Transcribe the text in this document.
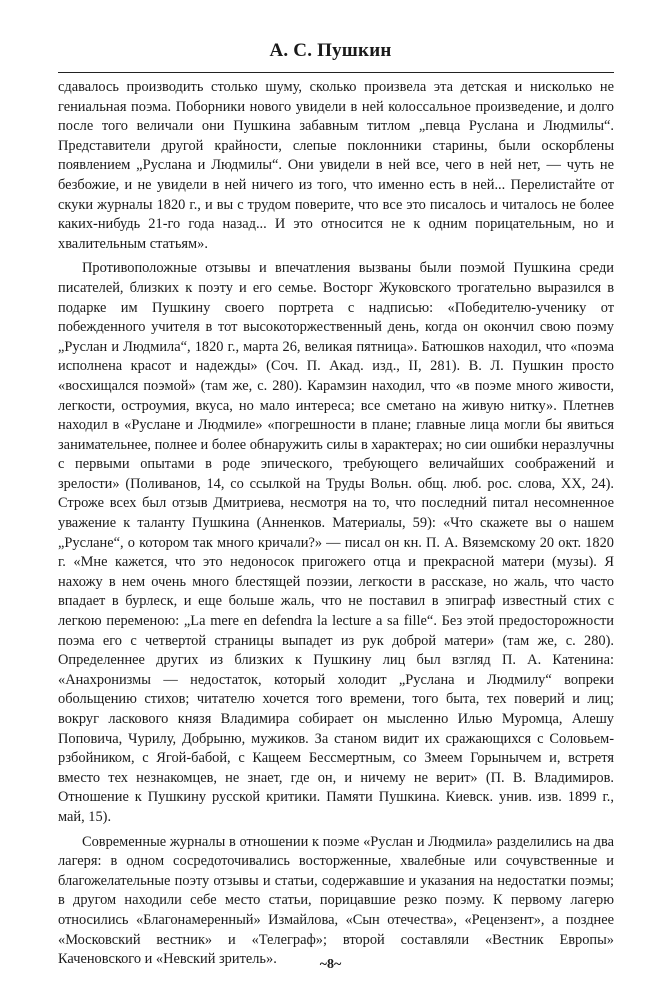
А. С. Пушкин

сдавалось производить столько шуму, сколько произвела эта детская и нисколько не гениальная поэма. Поборники нового увидели в ней колоссальное произведение, и долго после того величали они Пушкина забавным титлом „певца Руслана и Людмилы“. Представители другой крайности, слепые поклонники старины, были оскорблены появлением „Руслана и Людмилы“. Они увидели в ней все, чего в ней нет, — чуть не безбожие, и не увидели в ней ничего из того, что именно есть в ней... Перелистайте от скуки журналы 1820 г., и вы с трудом поверите, что все это писалось и читалось не более каких-нибудь 21-го года назад... И это относится не к одним порицательным, но и хвалительным статьям».

Противоположные отзывы и впечатления вызваны были поэмой Пушкина среди писателей, близких к поэту и его семье. Восторг Жуковского трогательно выразился в подарке им Пушкину своего портрета с надписью: «Победителю-ученику от побежденного учителя в тот высокоторжественный день, когда он окончил свою поэму „Руслан и Людмила“, 1820 г., марта 26, великая пятница». Батюшков находил, что «поэма исполнена красот и надежды» (Соч. П. Акад. изд., II, 281). В. Л. Пушкин просто «восхищался поэмой» (там же, с. 280). Карамзин находил, что «в поэме много живости, легкости, остроумия, вкуса, но мало интереса; все сметано на живую нитку». Плетнев находил в «Руслане и Людмиле» «погрешности в плане; главные лица могли бы явиться занимательнее, полнее и более обнаружить силы в характерах; но сии ошибки неразлучны с первыми опытами в роде эпического, требующего величайших соображений и зрелости» (Поливанов, 14, со ссылкой на Труды Вольн. общ. люб. рос. слова, XX, 24). Строже всех был отзыв Дмитриева, несмотря на то, что последний питал несомненное уважение к таланту Пушкина (Анненков. Материалы, 59): «Что скажете вы о нашем „Руслане“, о котором так много кричали?» — писал он кн. П. А. Вяземскому 20 окт. 1820 г. «Мне кажется, что это недоносок пригожего отца и прекрасной матери (музы). Я нахожу в нем очень много блестящей поэзии, легкости в рассказе, но жаль, что часто впадает в бурлеск, и еще больше жаль, что не поставил в эпиграф известный стих с легкою переменою: „La mere en defendra la lecture a sa fille“. Без этой предосторожности поэма его с четвертой страницы выпадет из рук доброй матери» (там же, с. 280). Определеннее других из близких к Пушкину лиц был взгляд П. А. Катенина: «Анахронизмы — недостаток, который холодит „Руслана и Людмилу“ вопреки обольщению стихов; читателю хочется того времени, того быта, тех поверий и лиц; вокруг ласкового князя Владимира собирает он мысленно Илью Муромца, Алешу Поповича, Чурилу, Добрыню, мужиков. За станом видит их сражающихся с Соловьем-рзбойником, с Ягой-бабой, с Кащеем Бессмертным, со Змеем Горынычем и, встретя вместо тех незнакомцев, не знает, где он, и ничему не верит» (П. В. Владимиров. Отношение к Пушкину русской критики. Памяти Пушкина. Киевск. унив. изв. 1899 г., май, 15).

Современные журналы в отношении к поэме «Руслан и Людмила» разделились на два лагеря: в одном сосредоточивались восторженные, хвалебные или сочувственные и благожелательные поэту отзывы и статьи, содержавшие и указания на недостатки поэмы; в другом находили себе место статьи, порицавшие резко поэму. К первому лагерю относились «Благонамеренный» Измайлова, «Сын отечества», «Рецензент», а позднее «Московский вестник» и «Телеграф»; второй составляли «Вестник Европы» Каченовского и «Невский зритель».	~8~
